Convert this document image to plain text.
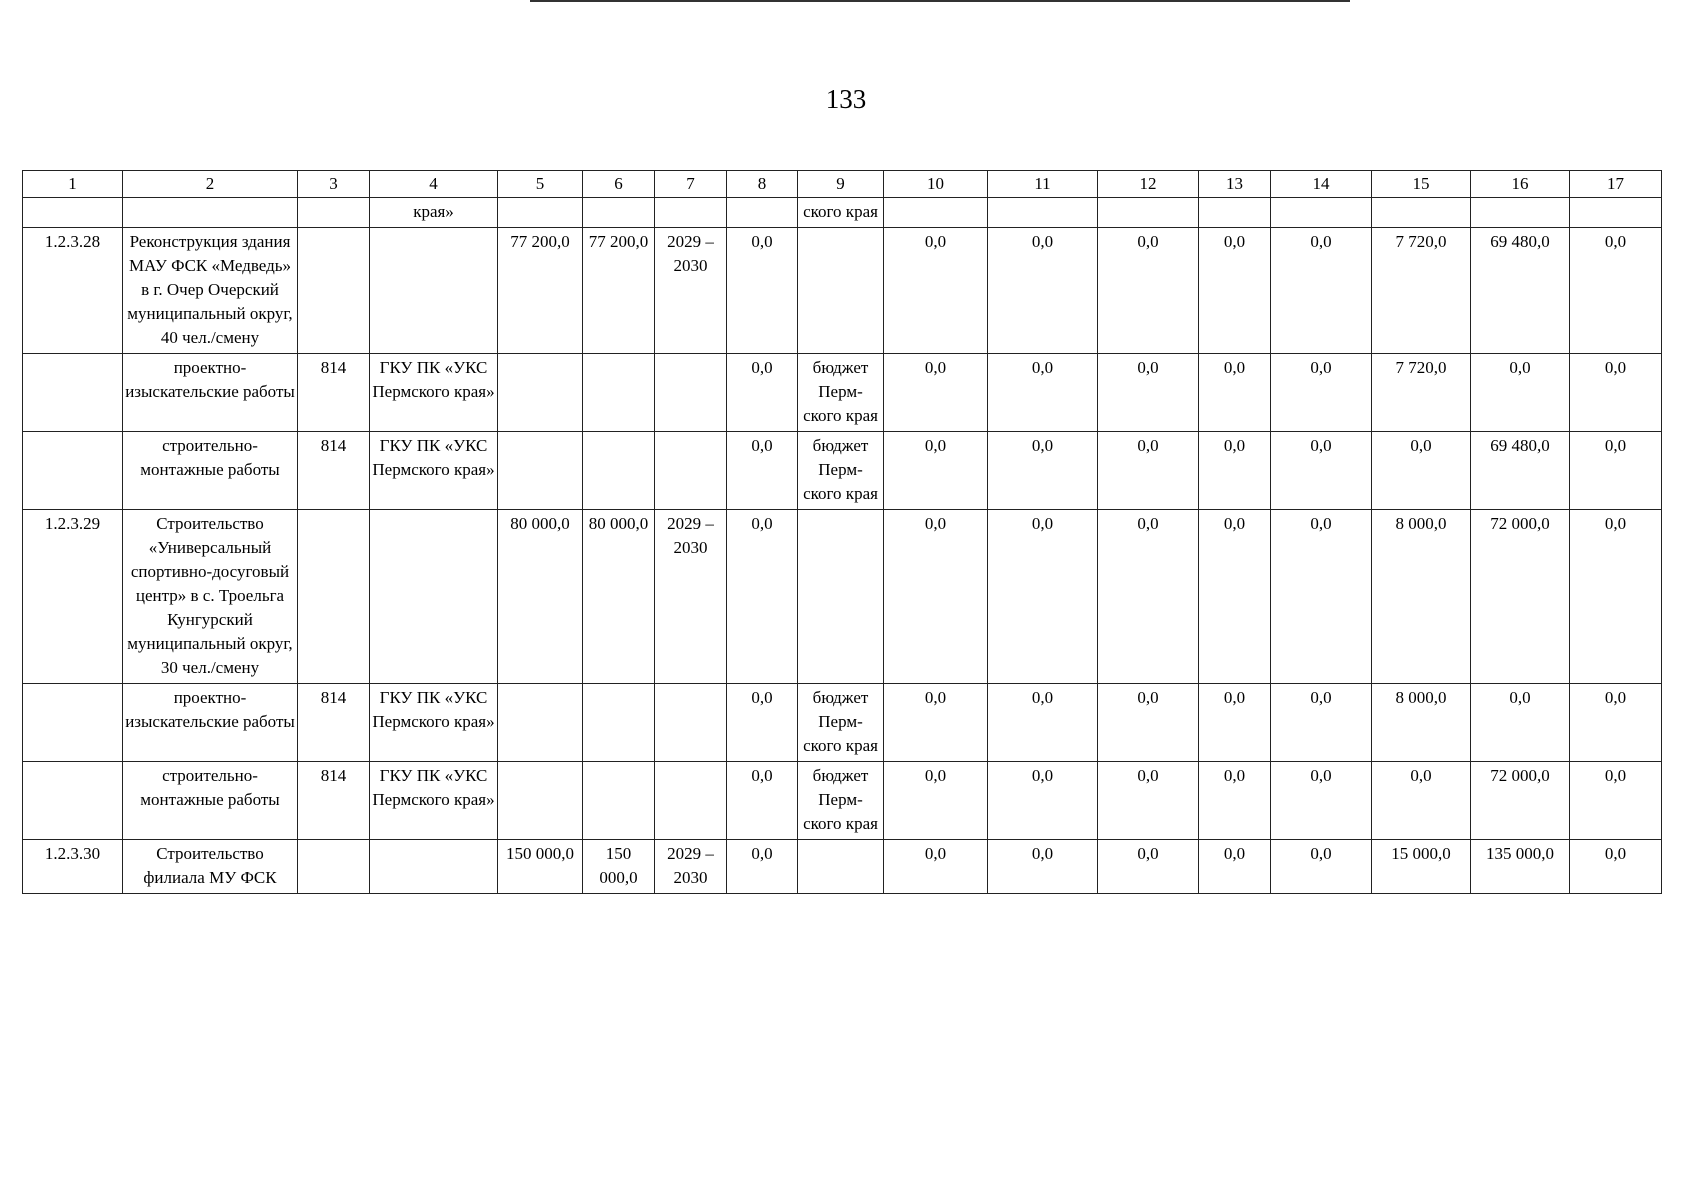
133
1	2	3	4	5	6	7	8	9	10	11	12	13	14	15	16	17
			края»					ского края								
1.2.3.28	Реконструкция здания МАУ ФСК «Медведь» в г. Очер Очерский муниципальный округ, 40 чел./смену			77 200,0	77 200,0	2029 – 2030	0,0		0,0	0,0	0,0	0,0	0,0	7 720,0	69 480,0	0,0
	проектно-изыскательские работы	814	ГКУ ПК «УКС Пермского края»				0,0	бюджет Перм-ского края	0,0	0,0	0,0	0,0	0,0	7 720,0	0,0	0,0
	строительно-монтажные работы	814	ГКУ ПК «УКС Пермского края»				0,0	бюджет Перм-ского края	0,0	0,0	0,0	0,0	0,0	0,0	69 480,0	0,0
1.2.3.29	Строительство «Универсальный спортивно-досуговый центр» в с. Троельга Кунгурский муниципальный округ, 30 чел./смену			80 000,0	80 000,0	2029 – 2030	0,0		0,0	0,0	0,0	0,0	0,0	8 000,0	72 000,0	0,0
	проектно-изыскательские работы	814	ГКУ ПК «УКС Пермского края»				0,0	бюджет Перм-ского края	0,0	0,0	0,0	0,0	0,0	8 000,0	0,0	0,0
	строительно-монтажные работы	814	ГКУ ПК «УКС Пермского края»				0,0	бюджет Перм-ского края	0,0	0,0	0,0	0,0	0,0	0,0	72 000,0	0,0
1.2.3.30	Строительство филиала МУ ФСК			150 000,0	150 000,0	2029 – 2030	0,0		0,0	0,0	0,0	0,0	0,0	15 000,0	135 000,0	0,0
